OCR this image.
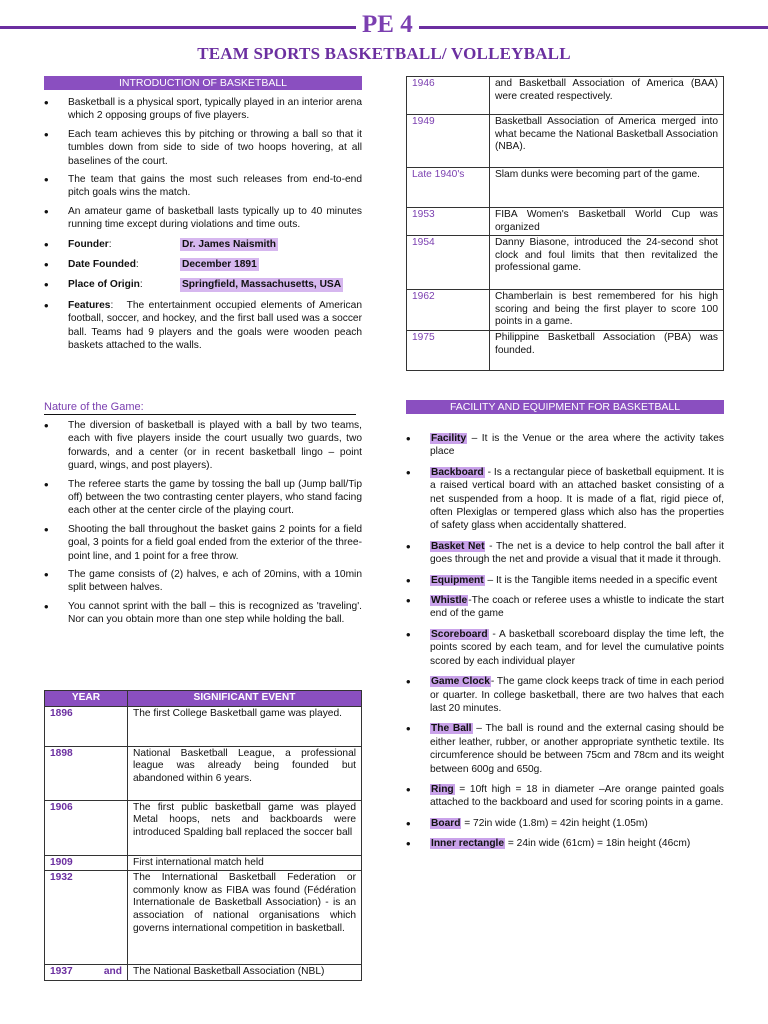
PE 4
TEAM SPORTS BASKETBALL/ VOLLEYBALL
INTRODUCTION OF BASKETBALL
• Basketball is a physical sport, typically played in an interior arena which 2 opposing groups of five players.
• Each team achieves this by pitching or throwing a ball so that it tumbles down from side to side of two hoops hovering, at all baselines of the court.
• The team that gains the most such releases from end-to-end pitch goals wins the match.
• An amateur game of basketball lasts typically up to 40 minutes running time except during violations and time outs.
• Founder:	Dr. James Naismith
• Date Founded:	December 1891
• Place of Origin:	Springfield, Massachusetts, USA
• Features:   The entertainment occupied elements of American football, soccer, and hockey, and the first ball used was a soccer ball. Teams had 9 players and the goals were wooden peach baskets attached to the walls.
Nature of the Game:
• The diversion of basketball is played with a ball by two teams, each with five players inside the court usually two guards, two forwards, and a center (or in recent basketball lingo – point guard, wings, and post players).
• The referee starts the game by tossing the ball up (Jump ball/Tip off) between the two contrasting center players, who stand facing each other at the center circle of the playing court.
• Shooting the ball throughout the basket gains 2 points for a field goal, 3 points for a field goal ended from the exterior of the three-point line, and 1 point for a free throw.
• The game consists of (2) halves, e ach of 20mins, with a 10min split between halves.
• You cannot sprint with the ball – this is recognized as 'traveling'. Nor can you obtain more than one step while holding the ball.
YEAR	SIGNIFICANT EVENT
1896	The first College Basketball game was played.
1898	National Basketball League, a professional league was already being founded but abandoned within 6 years.
1906	The first public basketball game was played Metal hoops, nets and backboards were introduced Spalding ball replaced the soccer ball
1909	First international match held
1932	The International Basketball Federation or commonly know as FIBA was found (Fédération Internationale de Basketball Association) - is an association of national organisations which governs international competition in basketball.
1937 and	The National Basketball Association (NBL)
1946	and Basketball Association of America (BAA) were created respectively.
1949	Basketball Association of America merged into what became the National Basketball Association (NBA).
Late 1940's	Slam dunks were becoming part of the game.
1953	FIBA Women's Basketball World Cup was organized
1954	Danny Biasone, introduced the 24-second shot clock and foul limits that then revitalized the professional game.
1962	Chamberlain is best remembered for his high scoring and being the first player to score 100 points in a game.
1975	Philippine Basketball Association (PBA) was founded.
FACILITY AND EQUIPMENT FOR BASKETBALL
• Facility – It is the Venue or the area where the activity takes place
• Backboard - Is a rectangular piece of basketball equipment. It is a raised vertical board with an attached basket consisting of a net suspended from a hoop. It is made of a flat, rigid piece of, often Plexiglas or tempered glass which also has the properties of safety glass when accidentally shattered.
• Basket Net - The net is a device to help control the ball after it goes through the net and provide a visual that it made it through.
• Equipment – It is the Tangible items needed in a specific event
• Whistle-The coach or referee uses a whistle to indicate the start end of the game
• Scoreboard - A basketball scoreboard display the time left, the points scored by each team, and for level the cumulative points scored by each individual player
• Game Clock- The game clock keeps track of time in each period or quarter. In college basketball, there are two halves that each last 20 minutes.
• The Ball – The ball is round and the external casing should be either leather, rubber, or another appropriate synthetic textile. Its circumference should be between 75cm and 78cm and its weight between 600g and 650g.
• Ring = 10ft high = 18 in diameter –Are orange painted goals attached to the backboard and used for scoring points in a game.
• Board = 72in wide (1.8m) = 42in height (1.05m)
• Inner rectangle = 24in wide (61cm) = 18in height (46cm)
